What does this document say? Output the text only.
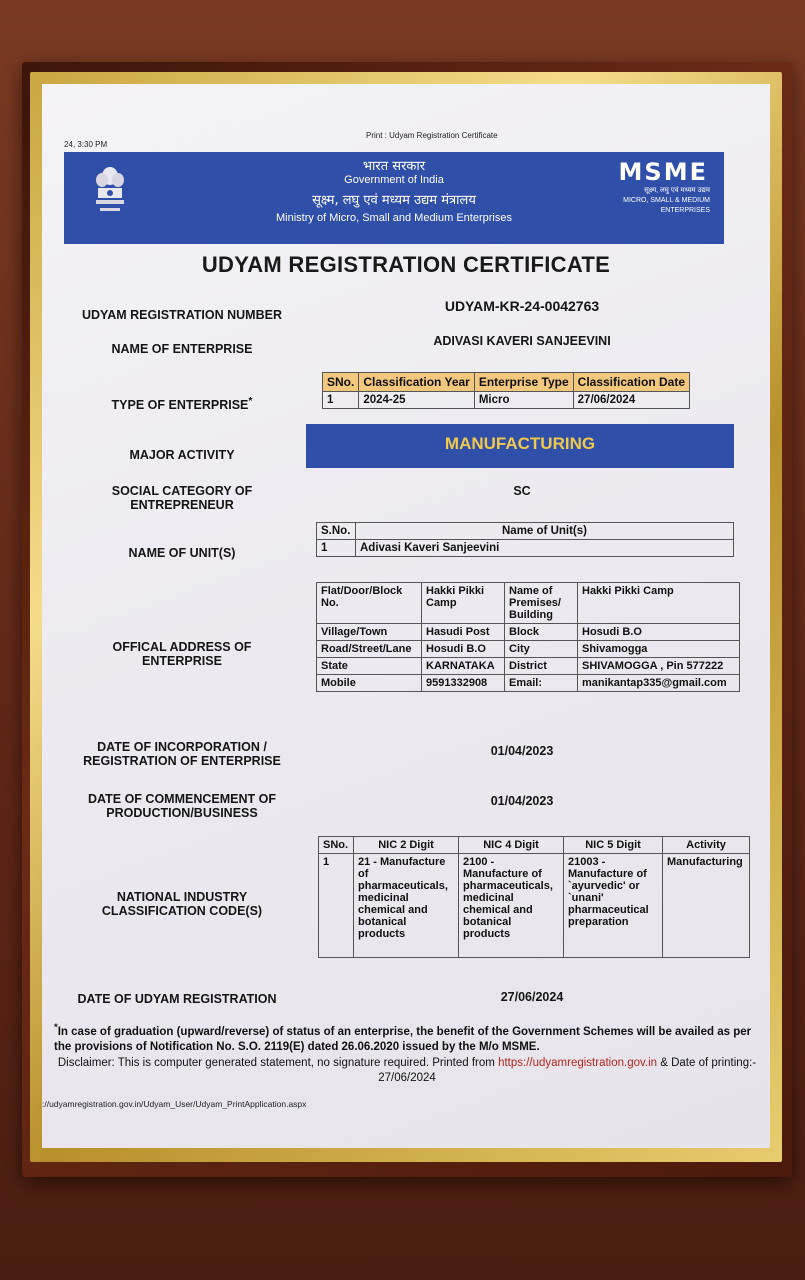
24, 3:30 PM
Print : Udyam Registration Certificate
भारत सरकार
Government of India
सूक्ष्म, लघु एवं मध्यम उद्यम मंत्रालय
Ministry of Micro, Small and Medium Enterprises
MSME
सूक्ष्म, लघु एवं मध्यम उद्यम
MICRO, SMALL & MEDIUM ENTERPRISES
UDYAM REGISTRATION CERTIFICATE
UDYAM REGISTRATION NUMBER
UDYAM-KR-24-0042763
NAME OF ENTERPRISE
ADIVASI KAVERI SANJEEVINI
TYPE OF ENTERPRISE*
SNo.	Classification Year	Enterprise Type	Classification Date
1	2024-25	Micro	27/06/2024
MAJOR ACTIVITY
MANUFACTURING
SOCIAL CATEGORY OF ENTREPRENEUR
SC
NAME OF UNIT(S)
S.No.	Name of Unit(s)
1	Adivasi Kaveri Sanjeevini
OFFICAL ADDRESS OF ENTERPRISE
Flat/Door/Block No.	Hakki Pikki Camp	Name of Premises/ Building	Hakki Pikki Camp
Village/Town	Hasudi Post	Block	Hosudi B.O
Road/Street/Lane	Hosudi B.O	City	Shivamogga
State	KARNATAKA	District	SHIVAMOGGA , Pin 577222
Mobile	9591332908	Email:	manikantap335@gmail.com
DATE OF INCORPORATION / REGISTRATION OF ENTERPRISE
01/04/2023
DATE OF COMMENCEMENT OF PRODUCTION/BUSINESS
01/04/2023
NATIONAL INDUSTRY CLASSIFICATION CODE(S)
SNo.	NIC 2 Digit	NIC 4 Digit	NIC 5 Digit	Activity
1	21 - Manufacture of pharmaceuticals, medicinal chemical and botanical products	2100 - Manufacture of pharmaceuticals, medicinal chemical and botanical products	21003 - Manufacture of `ayurvedic' or `unani' pharmaceutical preparation	Manufacturing
DATE OF UDYAM REGISTRATION	27/06/2024
*In case of graduation (upward/reverse) of status of an enterprise, the benefit of the Government Schemes will be availed as per the provisions of Notification No. S.O. 2119(E) dated 26.06.2020 issued by the M/o MSME.
Disclaimer: This is computer generated statement, no signature required. Printed from https://udyamregistration.gov.in & Date of printing:- 27/06/2024
://udyamregistration.gov.in/Udyam_User/Udyam_PrintApplication.aspx
